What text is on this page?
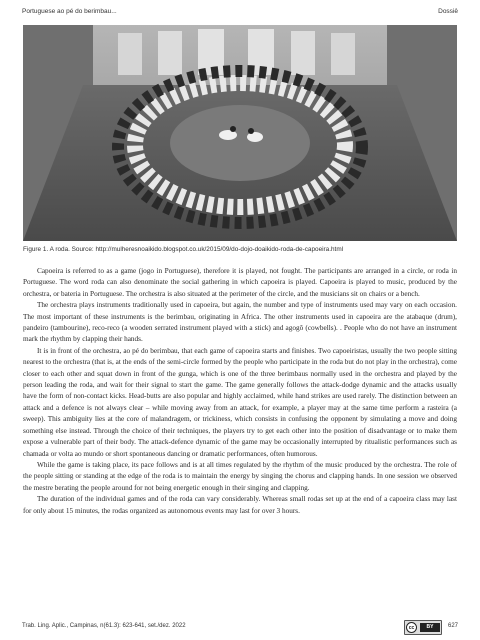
Portuguese ao pé do berimbau...	Dossiê
Figure 1. A roda. Source: http://mulheresnoaikido.blogspot.co.uk/2015/09/do-dojo-doaikido-roda-de-capoeira.html

Capoeira is referred to as a game (jogo in Portuguese), therefore it is played, not fought. The participants are arranged in a circle, or roda in Portuguese. The word roda can also denominate the social gathering in which capoeira is played. Capoeira is played to music, produced by the orchestra, or bateria in Portuguese. The orchestra is also situated at the perimeter of the circle, and the musicians sit on chairs or a bench.

The orchestra plays instruments traditionally used in capoeira, but again, the number and type of instruments used may vary on each occasion. The most important of these instruments is the berimbau, originating in Africa. The other instruments used in capoeira are the atabaque (drum), pandeiro (tambourine), reco-reco (a wooden serrated instrument played with a stick) and agogô (cowbells). . People who do not have an instrument mark the rhythm by clapping their hands.

It is in front of the orchestra, ao pé do berimbau, that each game of capoeira starts and finishes. Two capoeiristas, usually the two people sitting nearest to the orchestra (that is, at the ends of the semi-circle formed by the people who participate in the roda but do not play in the orchestra), come closer to each other and squat down in front of the gunga, which is one of the three berimbaus normally used in the orchestra and played by the person leading the roda, and wait for their signal to start the game. The game generally follows the attack-dodge dynamic and the attacks usually have the form of non-contact kicks. Head-butts are also popular and highly acclaimed, while hand strikes are used rarely. The distinction between an attack and a defence is not always clear – while moving away from an attack, for example, a player may at the same time perform a rasteira (a sweep). This ambiguity lies at the core of malandragem, or trickiness, which consists in confusing the opponent by simulating a move and doing something else instead. Through the choice of their techniques, the players try to get each other into the position of disadvantage or to make them expose a vulnerable part of their body. The attack-defence dynamic of the game may be occasionally interrupted by ritualistic performances such as chamada or volta ao mundo or short spontaneous dancing or dramatic performances, often humorous.

While the game is taking place, its pace follows and is at all times regulated by the rhythm of the music produced by the orchestra. The role of the people sitting or standing at the edge of the roda is to maintain the energy by singing the chorus and clapping hands. In one session we observed the mestre berating the people around for not being energetic enough in their singing and clapping.

The duration of the individual games and of the roda can vary considerably. Whereas small rodas set up at the end of a capoeira class may last for only about 15 minutes, the rodas organized as autonomous events may last for over 3 hours.

cc	BY
Trab. Ling. Aplic., Campinas, n(61.3): 623-641, set./dez. 2022	627
